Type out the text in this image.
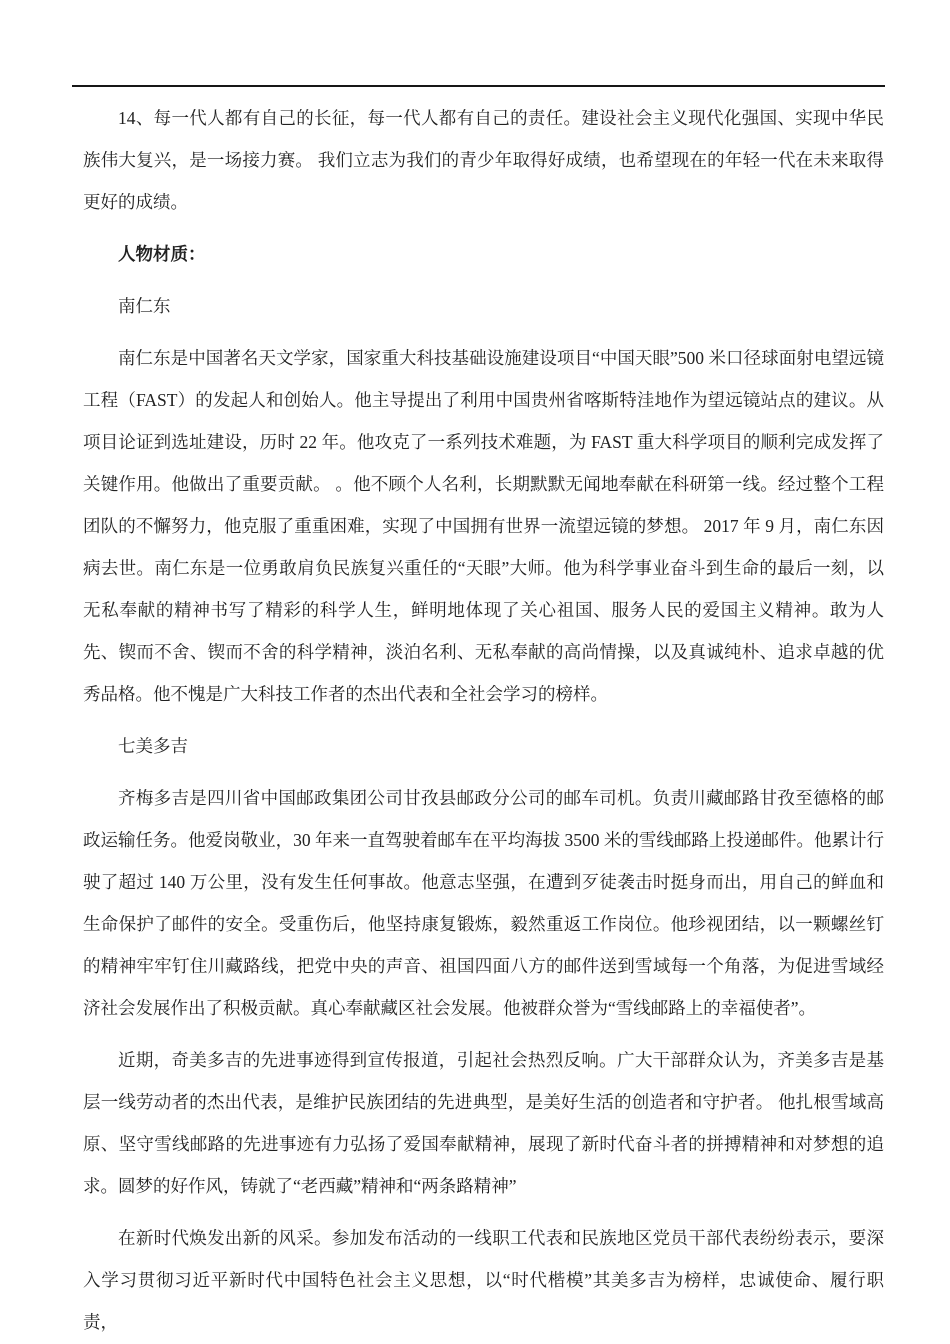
14、每一代人都有自己的长征，每一代人都有自己的责任。建设社会主义现代化强国、实现中华民族伟大复兴，是一场接力赛。 我们立志为我们的青少年取得好成绩，也希望现在的年轻一代在未来取得更好的成绩。

人物材质：

南仁东

南仁东是中国著名天文学家，国家重大科技基础设施建设项目“中国天眼”500 米口径球面射电望远镜工程（FAST）的发起人和创始人。他主导提出了利用中国贵州省喀斯特洼地作为望远镜站点的建议。从项目论证到选址建设，历时 22 年。他攻克了一系列技术难题，为 FAST 重大科学项目的顺利完成发挥了关键作用。他做出了重要贡献。 。他不顾个人名利，长期默默无闻地奉献在科研第一线。经过整个工程团队的不懈努力，他克服了重重困难，实现了中国拥有世界一流望远镜的梦想。 2017 年 9 月，南仁东因病去世。南仁东是一位勇敢肩负民族复兴重任的“天眼”大师。他为科学事业奋斗到生命的最后一刻，以无私奉献的精神书写了精彩的科学人生，鲜明地体现了关心祖国、服务人民的爱国主义精神。敢为人先、锲而不舍、锲而不舍的科学精神，淡泊名利、无私奉献的高尚情操，以及真诚纯朴、追求卓越的优秀品格。他不愧是广大科技工作者的杰出代表和全社会学习的榜样。

七美多吉

齐梅多吉是四川省中国邮政集团公司甘孜县邮政分公司的邮车司机。负责川藏邮路甘孜至德格的邮政运输任务。他爱岗敬业，30 年来一直驾驶着邮车在平均海拔 3500 米的雪线邮路上投递邮件。他累计行驶了超过 140 万公里，没有发生任何事故。他意志坚强，在遭到歹徒袭击时挺身而出，用自己的鲜血和生命保护了邮件的安全。受重伤后，他坚持康复锻炼，毅然重返工作岗位。他珍视团结，以一颗螺丝钉的精神牢牢钉住川藏路线，把党中央的声音、祖国四面八方的邮件送到雪域每一个角落，为促进雪域经济社会发展作出了积极贡献。真心奉献藏区社会发展。他被群众誉为“雪线邮路上的幸福使者”。

近期，奇美多吉的先进事迹得到宣传报道，引起社会热烈反响。广大干部群众认为，齐美多吉是基层一线劳动者的杰出代表，是维护民族团结的先进典型，是美好生活的创造者和守护者。 他扎根雪域高原、坚守雪线邮路的先进事迹有力弘扬了爱国奉献精神，展现了新时代奋斗者的拼搏精神和对梦想的追求。圆梦的好作风，铸就了“老西藏”精神和“两条路精神”

在新时代焕发出新的风采。参加发布活动的一线职工代表和民族地区党员干部代表纷纷表示，要深入学习贯彻习近平新时代中国特色社会主义思想，以“时代楷模”其美多吉为榜样，忠诚使命、履行职责，
